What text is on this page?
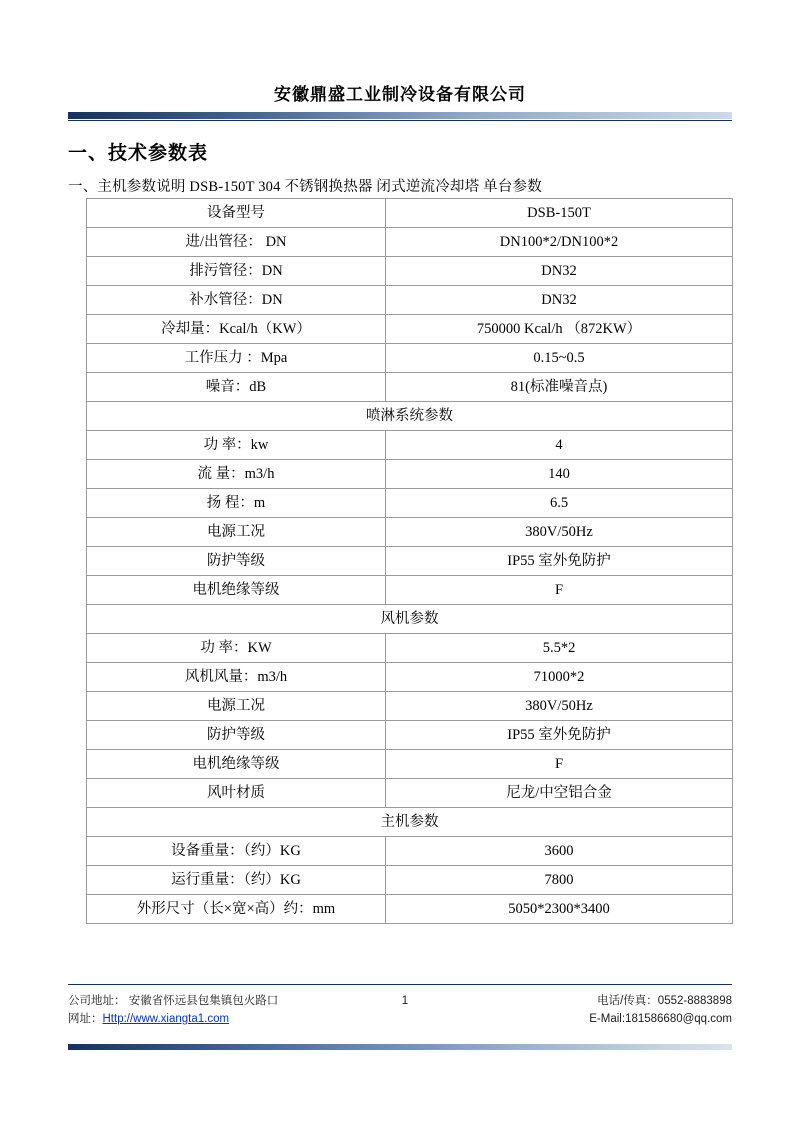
安徽鼎盛工业制冷设备有限公司
一、技术参数表
一、主机参数说明 DSB-150T 304 不锈钢换热器 闭式逆流冷却塔 单台参数
设备型号	DSB-150T
进/出管径： DN	DN100*2/DN100*2
排污管径：DN	DN32
补水管径：DN	DN32
冷却量：Kcal/h（KW）	750000 Kcal/h （872KW）
工作压力 ：Mpa	0.15~0.5
噪音：dB	81(标准噪音点)
喷淋系统参数	
功 率：kw	4
流 量：m3/h	140
扬 程：m	6.5
电源工况	380V/50Hz
防护等级	IP55 室外免防护
电机绝缘等级	F
风机参数	
功 率：KW	5.5*2
风机风量：m3/h	71000*2
电源工况	380V/50Hz
防护等级	IP55 室外免防护
电机绝缘等级	F
风叶材质	尼龙/中空铝合金
主机参数	
设备重量：（约）KG	3600
运行重量：（约）KG	7800
外形尺寸（长×宽×高）约：mm	5050*2300*3400
公司地址： 安徽省怀远县包集镇包火路口	1	电话/传真：0552-8883898
网址：Http://www.xiangta1.com	E-Mail:181586680@qq.com
